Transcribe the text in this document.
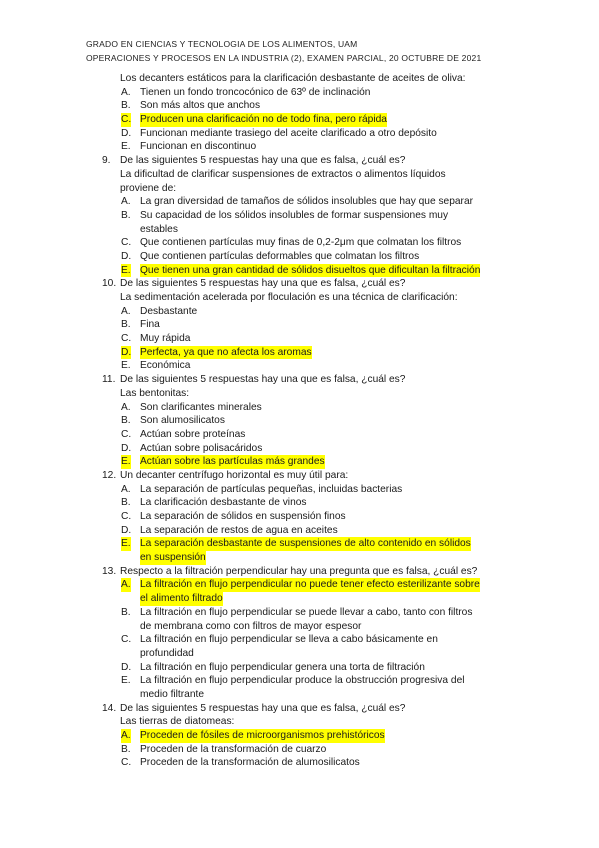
GRADO EN CIENCIAS Y TECNOLOGIA DE LOS ALIMENTOS, UAM
OPERACIONES Y PROCESOS EN LA INDUSTRIA (2), EXAMEN PARCIAL, 20 OCTUBRE DE 2021
Los decanters estáticos para la clarificación desbastante de aceites de oliva:
A. Tienen un fondo troncocónico de 63º de inclinación
B. Son más altos que anchos
C. Producen una clarificación no de todo fina, pero rápida
D. Funcionan mediante trasiego del aceite clarificado a otro depósito
E. Funcionan en discontinuo
9. De las siguientes 5 respuestas hay una que es falsa, ¿cuál es?
La dificultad de clarificar suspensiones de extractos o alimentos líquidos
proviene de:
A. La gran diversidad de tamaños de sólidos insolubles que hay que separar
B. Su capacidad de los sólidos insolubles de formar suspensiones muy
estables
C. Que contienen partículas muy finas de 0,2-2μm que colmatan los filtros
D. Que contienen partículas deformables que colmatan los filtros
E. Que tienen una gran cantidad de sólidos disueltos que dificultan la filtración
10. De las siguientes 5 respuestas hay una que es falsa, ¿cuál es?
La sedimentación acelerada por floculación es una técnica de clarificación:
A. Desbastante
B. Fina
C. Muy rápida
D. Perfecta, ya que no afecta los aromas
E. Económica
11. De las siguientes 5 respuestas hay una que es falsa, ¿cuál es?
Las bentonitas:
A. Son clarificantes minerales
B. Son alumosilicatos
C. Actúan sobre proteínas
D. Actúan sobre polisacáridos
E. Actúan sobre las partículas más grandes
12. Un decanter centrífugo horizontal es muy útil para:
A. La separación de partículas pequeñas, incluidas bacterias
B. La clarificación desbastante de vinos
C. La separación de sólidos en suspensión finos
D. La separación de restos de agua en aceites
E. La separación desbastante de suspensiones de alto contenido en sólidos
en suspensión
13. Respecto a la filtración perpendicular hay una pregunta que es falsa, ¿cuál es?
A. La filtración en flujo perpendicular no puede tener efecto esterilizante sobre
el alimento filtrado
B. La filtración en flujo perpendicular se puede llevar a cabo, tanto con filtros
de membrana como con filtros de mayor espesor
C. La filtración en flujo perpendicular se lleva a cabo básicamente en
profundidad
D. La filtración en flujo perpendicular genera una torta de filtración
E. La filtración en flujo perpendicular produce la obstrucción progresiva del
medio filtrante
14. De las siguientes 5 respuestas hay una que es falsa, ¿cuál es?
Las tierras de diatomeas:
A. Proceden de fósiles de microorganismos prehistóricos
B. Proceden de la transformación de cuarzo
C. Proceden de la transformación de alumosilicatos
